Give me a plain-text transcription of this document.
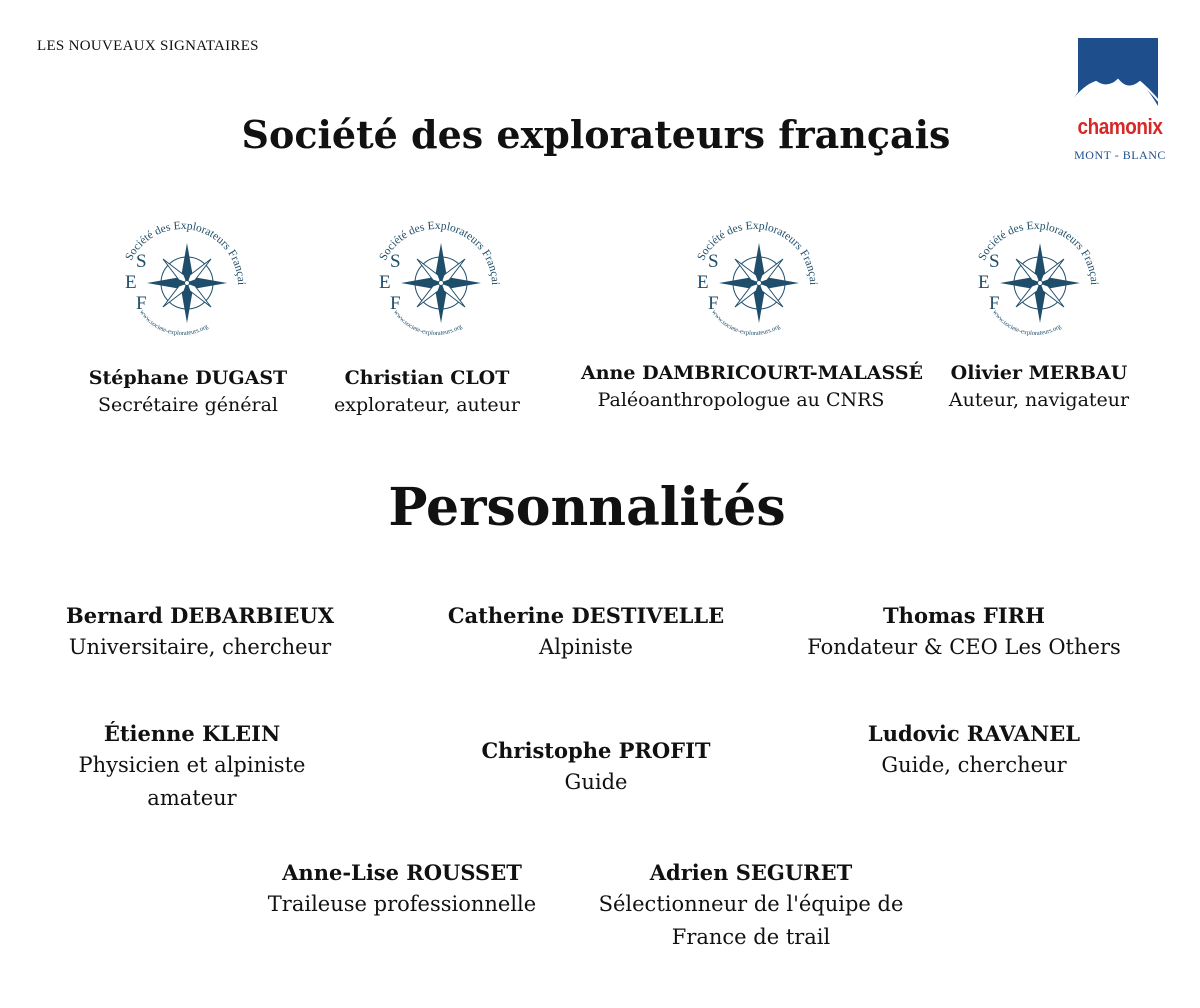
LES NOUVEAUX SIGNATAIRES
chamonix
MONT - BLANC
Société des explorateurs français
Stéphane DUGAST
Secrétaire général
Christian CLOT
explorateur, auteur
Anne DAMBRICOURT-MALASSÉ
Paléoanthropologue au CNRS
Olivier MERBAU
Auteur, navigateur
Personnalités
Bernard DEBARBIEUX
Universitaire, chercheur
Catherine DESTIVELLE
Alpiniste
Thomas FIRH
Fondateur & CEO Les Others
Étienne KLEIN
Physicien et alpiniste amateur
Christophe PROFIT
Guide
Ludovic RAVANEL
Guide, chercheur
Anne-Lise ROUSSET
Traileuse professionnelle
Adrien SEGURET
Sélectionneur de l'équipe de France de trail
